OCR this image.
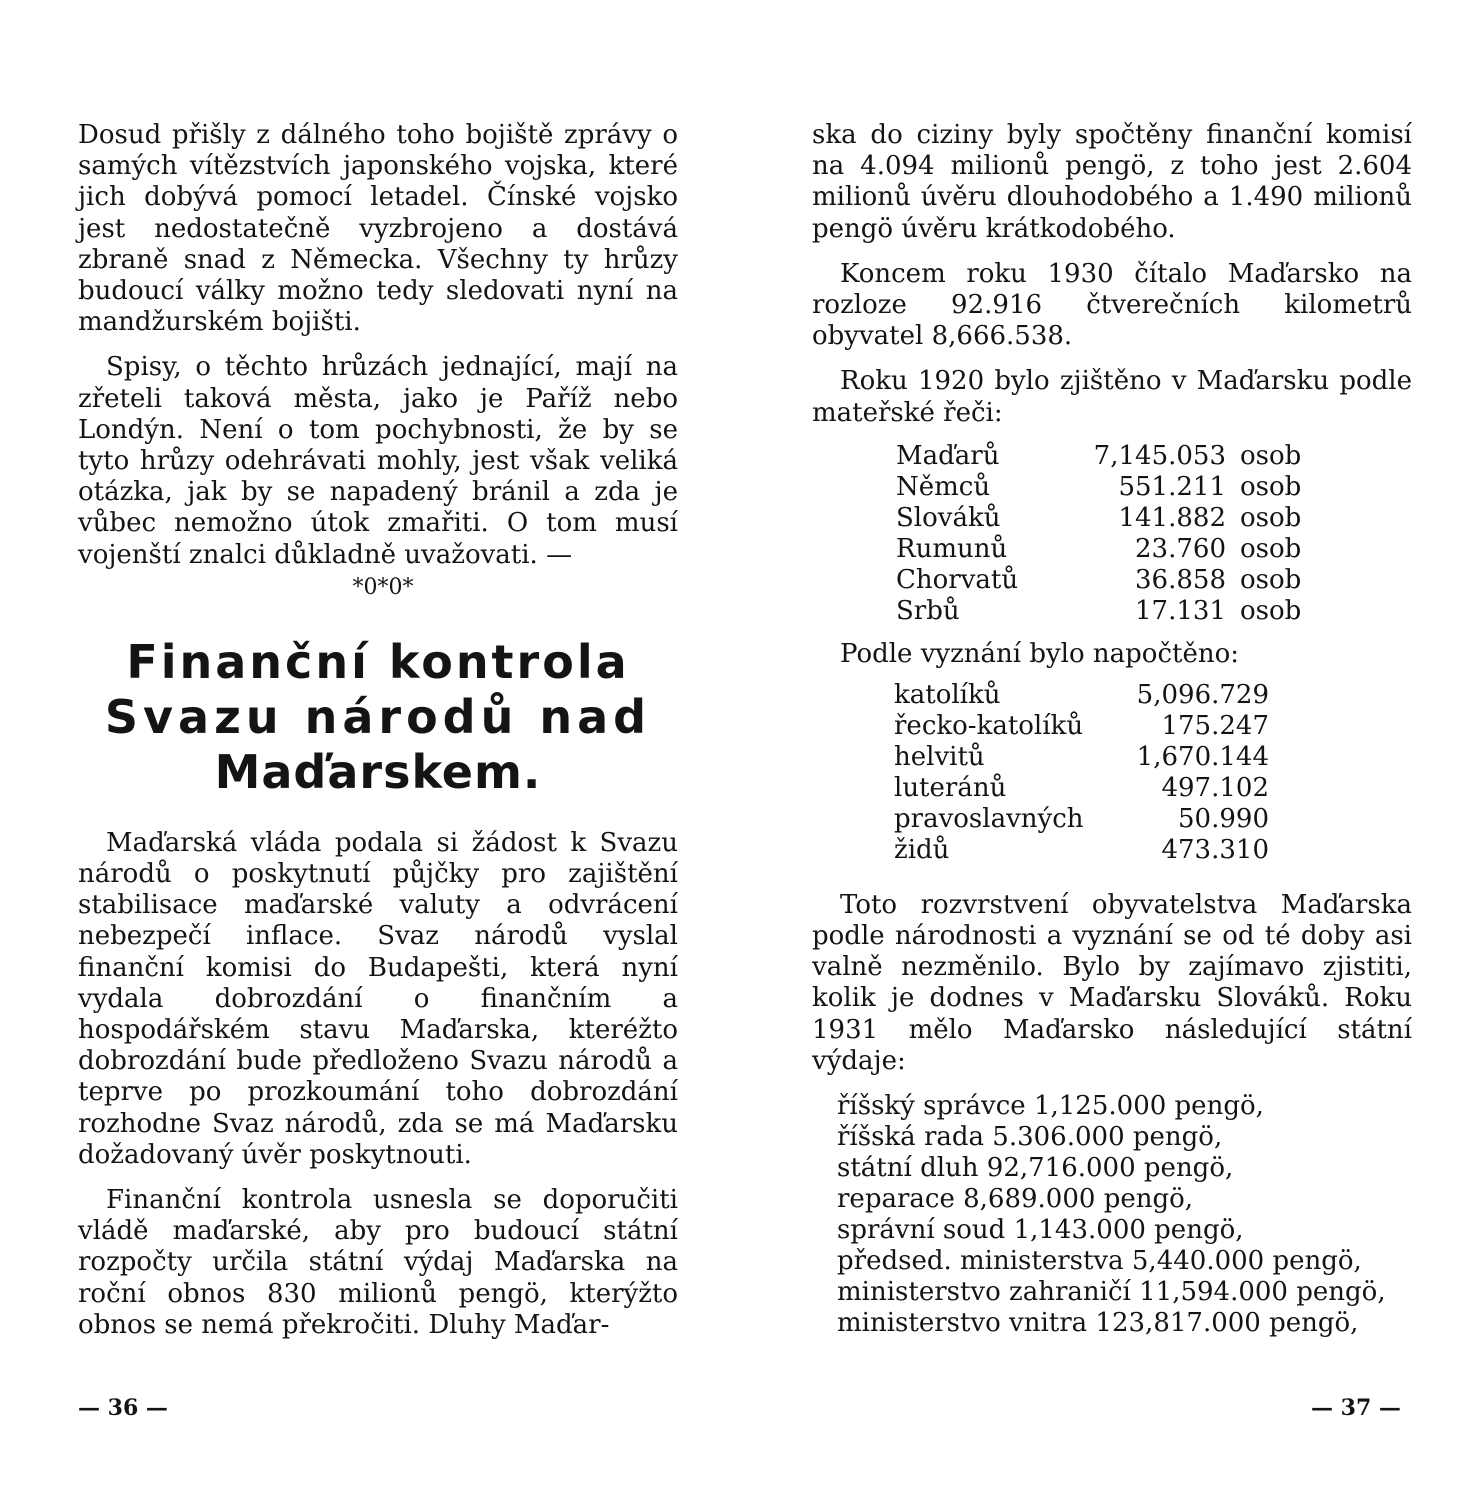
Dosud přišly z dálného toho bojiště zprávy o samých vítězstvích japonského vojska, které jich dobývá pomocí letadel. Čínské vojsko jest nedostatečně vyzbrojeno a dostává zbraně snad z Německa. Všechny ty hrůzy budoucí války možno tedy sledovati nyní na mandžurském bojišti.

Spisy, o těchto hrůzách jednající, mají na zřeteli taková města, jako je Paříž nebo Londýn. Není o tom pochybnosti, že by se tyto hrůzy odehrávati mohly, jest však veliká otázka, jak by se napadený bránil a zda je vůbec nemožno útok zmařiti. O tom musí vojenští znalci důkladně uvažovati. —

*0*0*
Finanční kontrola
Svazu národů nad
Maďarskem.

Maďarská vláda podala si žádost k Svazu národů o poskytnutí půjčky pro zajištění stabilisace maďarské valuty a odvrácení nebezpečí inflace. Svaz národů vyslal finanční komisi do Budapešti, která nyní vydala dobrozdání o finančním a hospodářském stavu Maďarska, kteréžto dobrozdání bude předloženo Svazu národů a teprve po prozkoumání toho dobrozdání rozhodne Svaz národů, zda se má Maďarsku dožadovaný úvěr poskytnouti.

Finanční kontrola usnesla se doporučiti vládě maďarské, aby pro budoucí státní rozpočty určila státní výdaj Maďarska na roční obnos 830 milionů pengö, kterýžto obnos se nemá překročiti. Dluhy Maďar-

— 36 —

ska do ciziny byly spočtěny finanční komisí na 4.094 milionů pengö, z toho jest 2.604 milionů úvěru dlouhodobého a 1.490 milionů pengö úvěru krátkodobého.

Koncem roku 1930 čítalo Maďarsko na rozloze 92.916 čtverečních kilometrů obyvatel 8,666.538.

Roku 1920 bylo zjištěno v Maďarsku podle mateřské řeči:

Maďarů	7,145.053	osob
Němců	551.211	osob
Slováků	141.882	osob
Rumunů	23.760	osob
Chorvatů	36.858	osob
Srbů	17.131	osob
Podle vyznání bylo napočtěno:
katolíků	5,096.729
řecko-katolíků	175.247
helvitů	1,670.144
luteránů	497.102
pravoslavných	50.990
židů	473.310

Toto rozvrstvení obyvatelstva Maďarska podle národnosti a vyznání se od té doby asi valně nezměnilo. Bylo by zajímavo zjistiti, kolik je dodnes v Maďarsku Slováků. Roku 1931 mělo Maďarsko následující státní výdaje:

říšský správce 1,125.000 pengö,
říšská rada 5.306.000 pengö,
státní dluh 92,716.000 pengö,
reparace 8,689.000 pengö,
správní soud 1,143.000 pengö,
předsed. ministerstva 5,440.000 pengö,
ministerstvo zahraničí 11,594.000 pengö,
ministerstvo vnitra 123,817.000 pengö,
— 37 —
